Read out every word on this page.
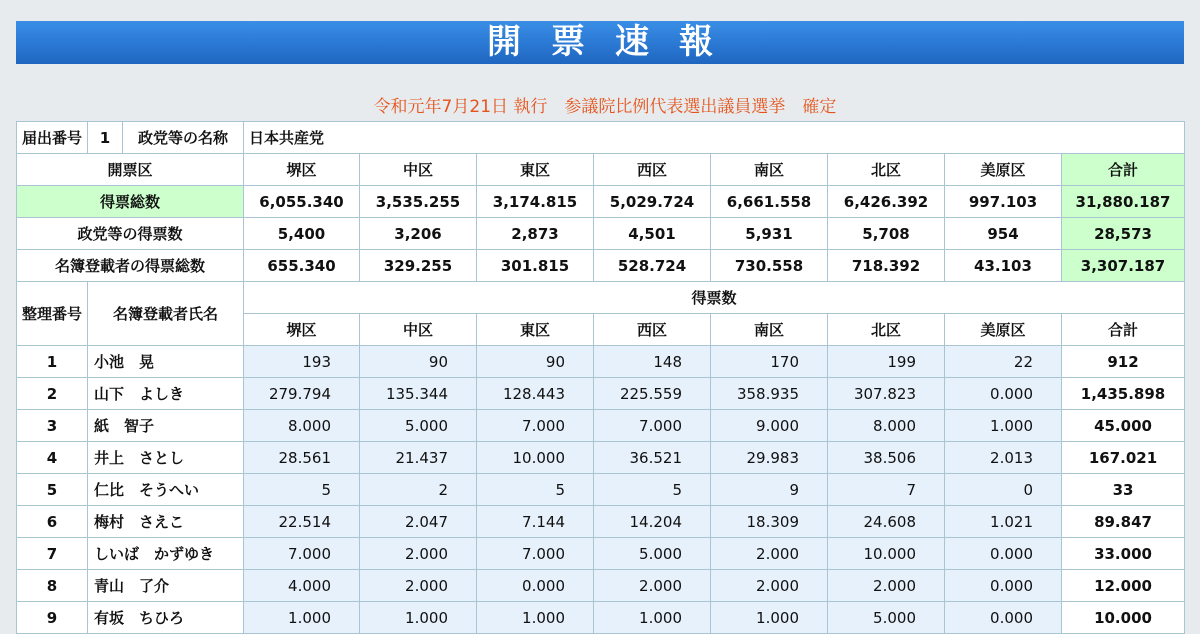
開票速報
令和元年7月21日 執行　参議院比例代表選出議員選挙　確定
届出番号	1	政党等の名称	日本共産党							
開票区			堺区	中区	東区	西区	南区	北区	美原区	合計
得票総数			6,055.340	3,535.255	3,174.815	5,029.724	6,661.558	6,426.392	997.103	31,880.187
政党等の得票数			5,400	3,206	2,873	4,501	5,931	5,708	954	28,573
名簿登載者の得票総数			655.340	329.255	301.815	528.724	730.558	718.392	43.103	3,307.187
整理番号	名簿登載者氏名		得票数							
			堺区	中区	東区	西区	南区	北区	美原区	合計
1	小池　晃		193	90	90	148	170	199	22	912
2	山下　よしき		279.794	135.344	128.443	225.559	358.935	307.823	0.000	1,435.898
3	紙　智子		8.000	5.000	7.000	7.000	9.000	8.000	1.000	45.000
4	井上　さとし		28.561	21.437	10.000	36.521	29.983	38.506	2.013	167.021
5	仁比　そうへい		5	2	5	5	9	7	0	33
6	梅村　さえこ		22.514	2.047	7.144	14.204	18.309	24.608	1.021	89.847
7	しいば　かずゆき		7.000	2.000	7.000	5.000	2.000	10.000	0.000	33.000
8	青山　了介		4.000	2.000	0.000	2.000	2.000	2.000	0.000	12.000
9	有坂　ちひろ		1.000	1.000	1.000	1.000	1.000	5.000	0.000	10.000
